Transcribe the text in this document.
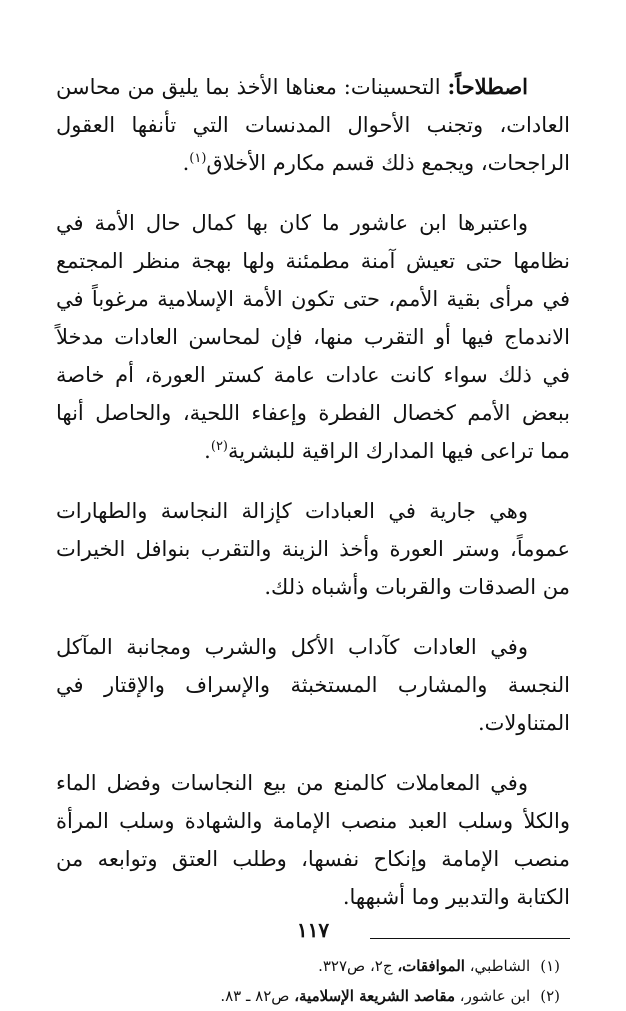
اصطلاحاً: التحسينات: معناها الأخذ بما يليق من محاسن العادات، وتجنب الأحوال المدنسات التي تأنفها العقول الراجحات، ويجمع ذلك قسم مكارم الأخلاق$^{(١)}$.

واعتبرها ابن عاشور ما كان بها كمال حال الأمة في نظامها حتى تعيش آمنة مطمئنة ولها بهجة منظر المجتمع في مرأى بقية الأمم، حتى تكون الأمة الإسلامية مرغوباً في الاندماج فيها أو التقرب منها، فإن لمحاسن العادات مدخلاً في ذلك سواء كانت عادات عامة كستر العورة، أم خاصة ببعض الأمم كخصال الفطرة وإعفاء اللحية، والحاصل أنها مما تراعى فيها المدارك الراقية للبشرية$^{(٢)}$.

وهي جارية في العبادات كإزالة النجاسة والطهارات عموماً، وستر العورة وأخذ الزينة والتقرب بنوافل الخيرات من الصدقات والقربات وأشباه ذلك.

وفي العادات كآداب الأكل والشرب ومجانبة المآكل النجسة والمشارب المستخبثة والإسراف والإقتار في المتناولات.

وفي المعاملات كالمنع من بيع النجاسات وفضل الماء والكلأ وسلب العبد منصب الإمامة والشهادة وسلب المرأة منصب الإمامة وإنكاح نفسها، وطلب العتق وتوابعه من الكتابة والتدبير وما أشبهها.

(١)الشاطبي، الموافقات، ج٢، ص٣٢٧.

(٢)ابن عاشور، مقاصد الشريعة الإسلامية، ص٨٢ ـ ٨٣.

١١٧
